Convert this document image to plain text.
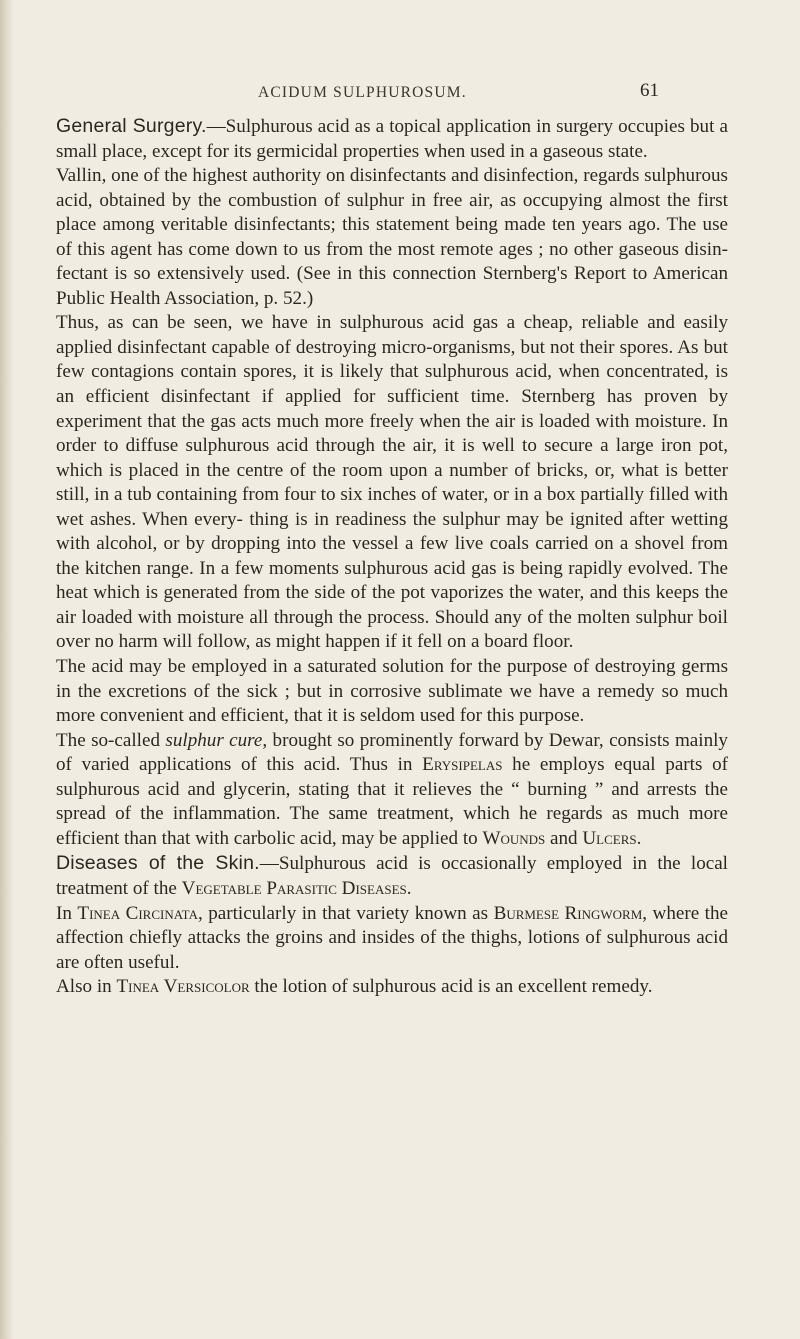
ACIDUM SULPHUROSUM.	61

General Surgery.—Sulphurous acid as a topical application in surgery occupies but a small place, except for its germicidal properties when used in a gaseous state.

Vallin, one of the highest authority on disinfectants and disinfection, regards sulphurous acid, obtained by the combustion of sulphur in free air, as occupying almost the first place among veritable disinfectants; this statement being made ten years ago. The use of this agent has come down to us from the most remote ages ; no other gaseous disin- fectant is so extensively used. (See in this connection Sternberg's Report to American Public Health Association, p. 52.)

Thus, as can be seen, we have in sulphurous acid gas a cheap, reliable and easily applied disinfectant capable of destroying micro-organisms, but not their spores. As but few contagions contain spores, it is likely that sulphurous acid, when concentrated, is an efficient disinfectant if applied for sufficient time. Sternberg has proven by experiment that the gas acts much more freely when the air is loaded with moisture. In order to diffuse sulphurous acid through the air, it is well to secure a large iron pot, which is placed in the centre of the room upon a number of bricks, or, what is better still, in a tub containing from four to six inches of water, or in a box partially filled with wet ashes. When every- thing is in readiness the sulphur may be ignited after wetting with alcohol, or by dropping into the vessel a few live coals carried on a shovel from the kitchen range. In a few moments sulphurous acid gas is being rapidly evolved. The heat which is generated from the side of the pot vaporizes the water, and this keeps the air loaded with moisture all through the process. Should any of the molten sulphur boil over no harm will follow, as might happen if it fell on a board floor.

The acid may be employed in a saturated solution for the purpose of destroying germs in the excretions of the sick ; but in corrosive sublimate we have a remedy so much more convenient and efficient, that it is seldom used for this purpose.

The so-called sulphur cure, brought so prominently forward by Dewar, consists mainly of varied applications of this acid. Thus in Erysipelas he employs equal parts of sulphurous acid and glycerin, stating that it relieves the “ burning ” and arrests the spread of the inflammation. The same treatment, which he regards as much more efficient than that with carbolic acid, may be applied to Wounds and Ulcers.

Diseases of the Skin.—Sulphurous acid is occasionally employed in the local treatment of the Vegetable Parasitic Diseases.

In Tinea Circinata, particularly in that variety known as Burmese Ringworm, where the affection chiefly attacks the groins and insides of the thighs, lotions of sulphurous acid are often useful.

Also in Tinea Versicolor the lotion of sulphurous acid is an excellent remedy.
